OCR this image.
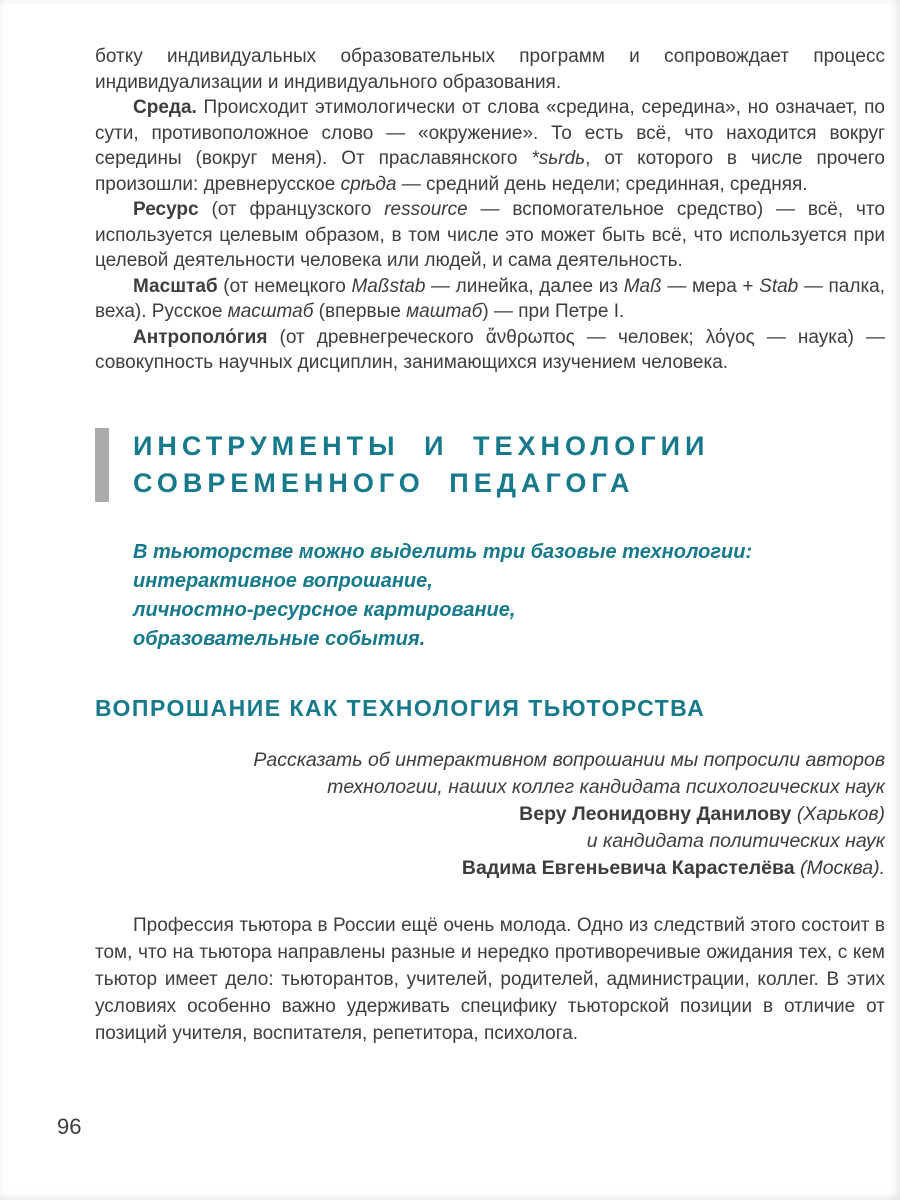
ботку индивидуальных образовательных программ и сопровождает процесс индивидуализации и индивидуального образования.

Среда. Происходит этимологически от слова «средина, середина», но означает, по сути, противоположное слово — «окружение». То есть всё, что находится вокруг середины (вокруг меня). От праславянского *sьrdь, от которого в числе прочего произошли: древнерусское срѣда — средний день недели; срединная, средняя.

Ресурс (от французского ressource — вспомогательное средство) — всё, что используется целевым образом, в том числе это может быть всё, что используется при целевой деятельности человека или людей, и сама деятельность.

Масштаб (от немецкого Maßstab — линейка, далее из Maß — мера + Stab — палка, веха). Русское масштаб (впервые маштаб) — при Петре I.

Антрополо́гия (от древнегреческого ἄνθρωπος — человек; λόγος — наука) — совокупность научных дисциплин, занимающихся изучением человека.

ИНСТРУМЕНТЫ И ТЕХНОЛОГИИ
СОВРЕМЕННОГО ПЕДАГОГА
В тьюторстве можно выделить три базовые технологии:
интерактивное вопрошание,
личностно-ресурсное картирование,
образовательные события.
ВОПРОШАНИЕ КАК ТЕХНОЛОГИЯ ТЬЮТОРСТВА
Рассказать об интерактивном вопрошании мы попросили авторов
технологии, наших коллег кандидата психологических наук
Веру Леонидовну Данилову (Харьков)
и кандидата политических наук
Вадима Евгеньевича Карастелёва (Москва).

Профессия тьютора в России ещё очень молода. Одно из следствий этого состоит в том, что на тьютора направлены разные и нередко противоречивые ожидания тех, с кем тьютор имеет дело: тьюторантов, учителей, родителей, администрации, коллег. В этих условиях особенно важно удерживать специфику тьюторской позиции в отличие от позиций учителя, воспитателя, репетитора, психолога.

96
